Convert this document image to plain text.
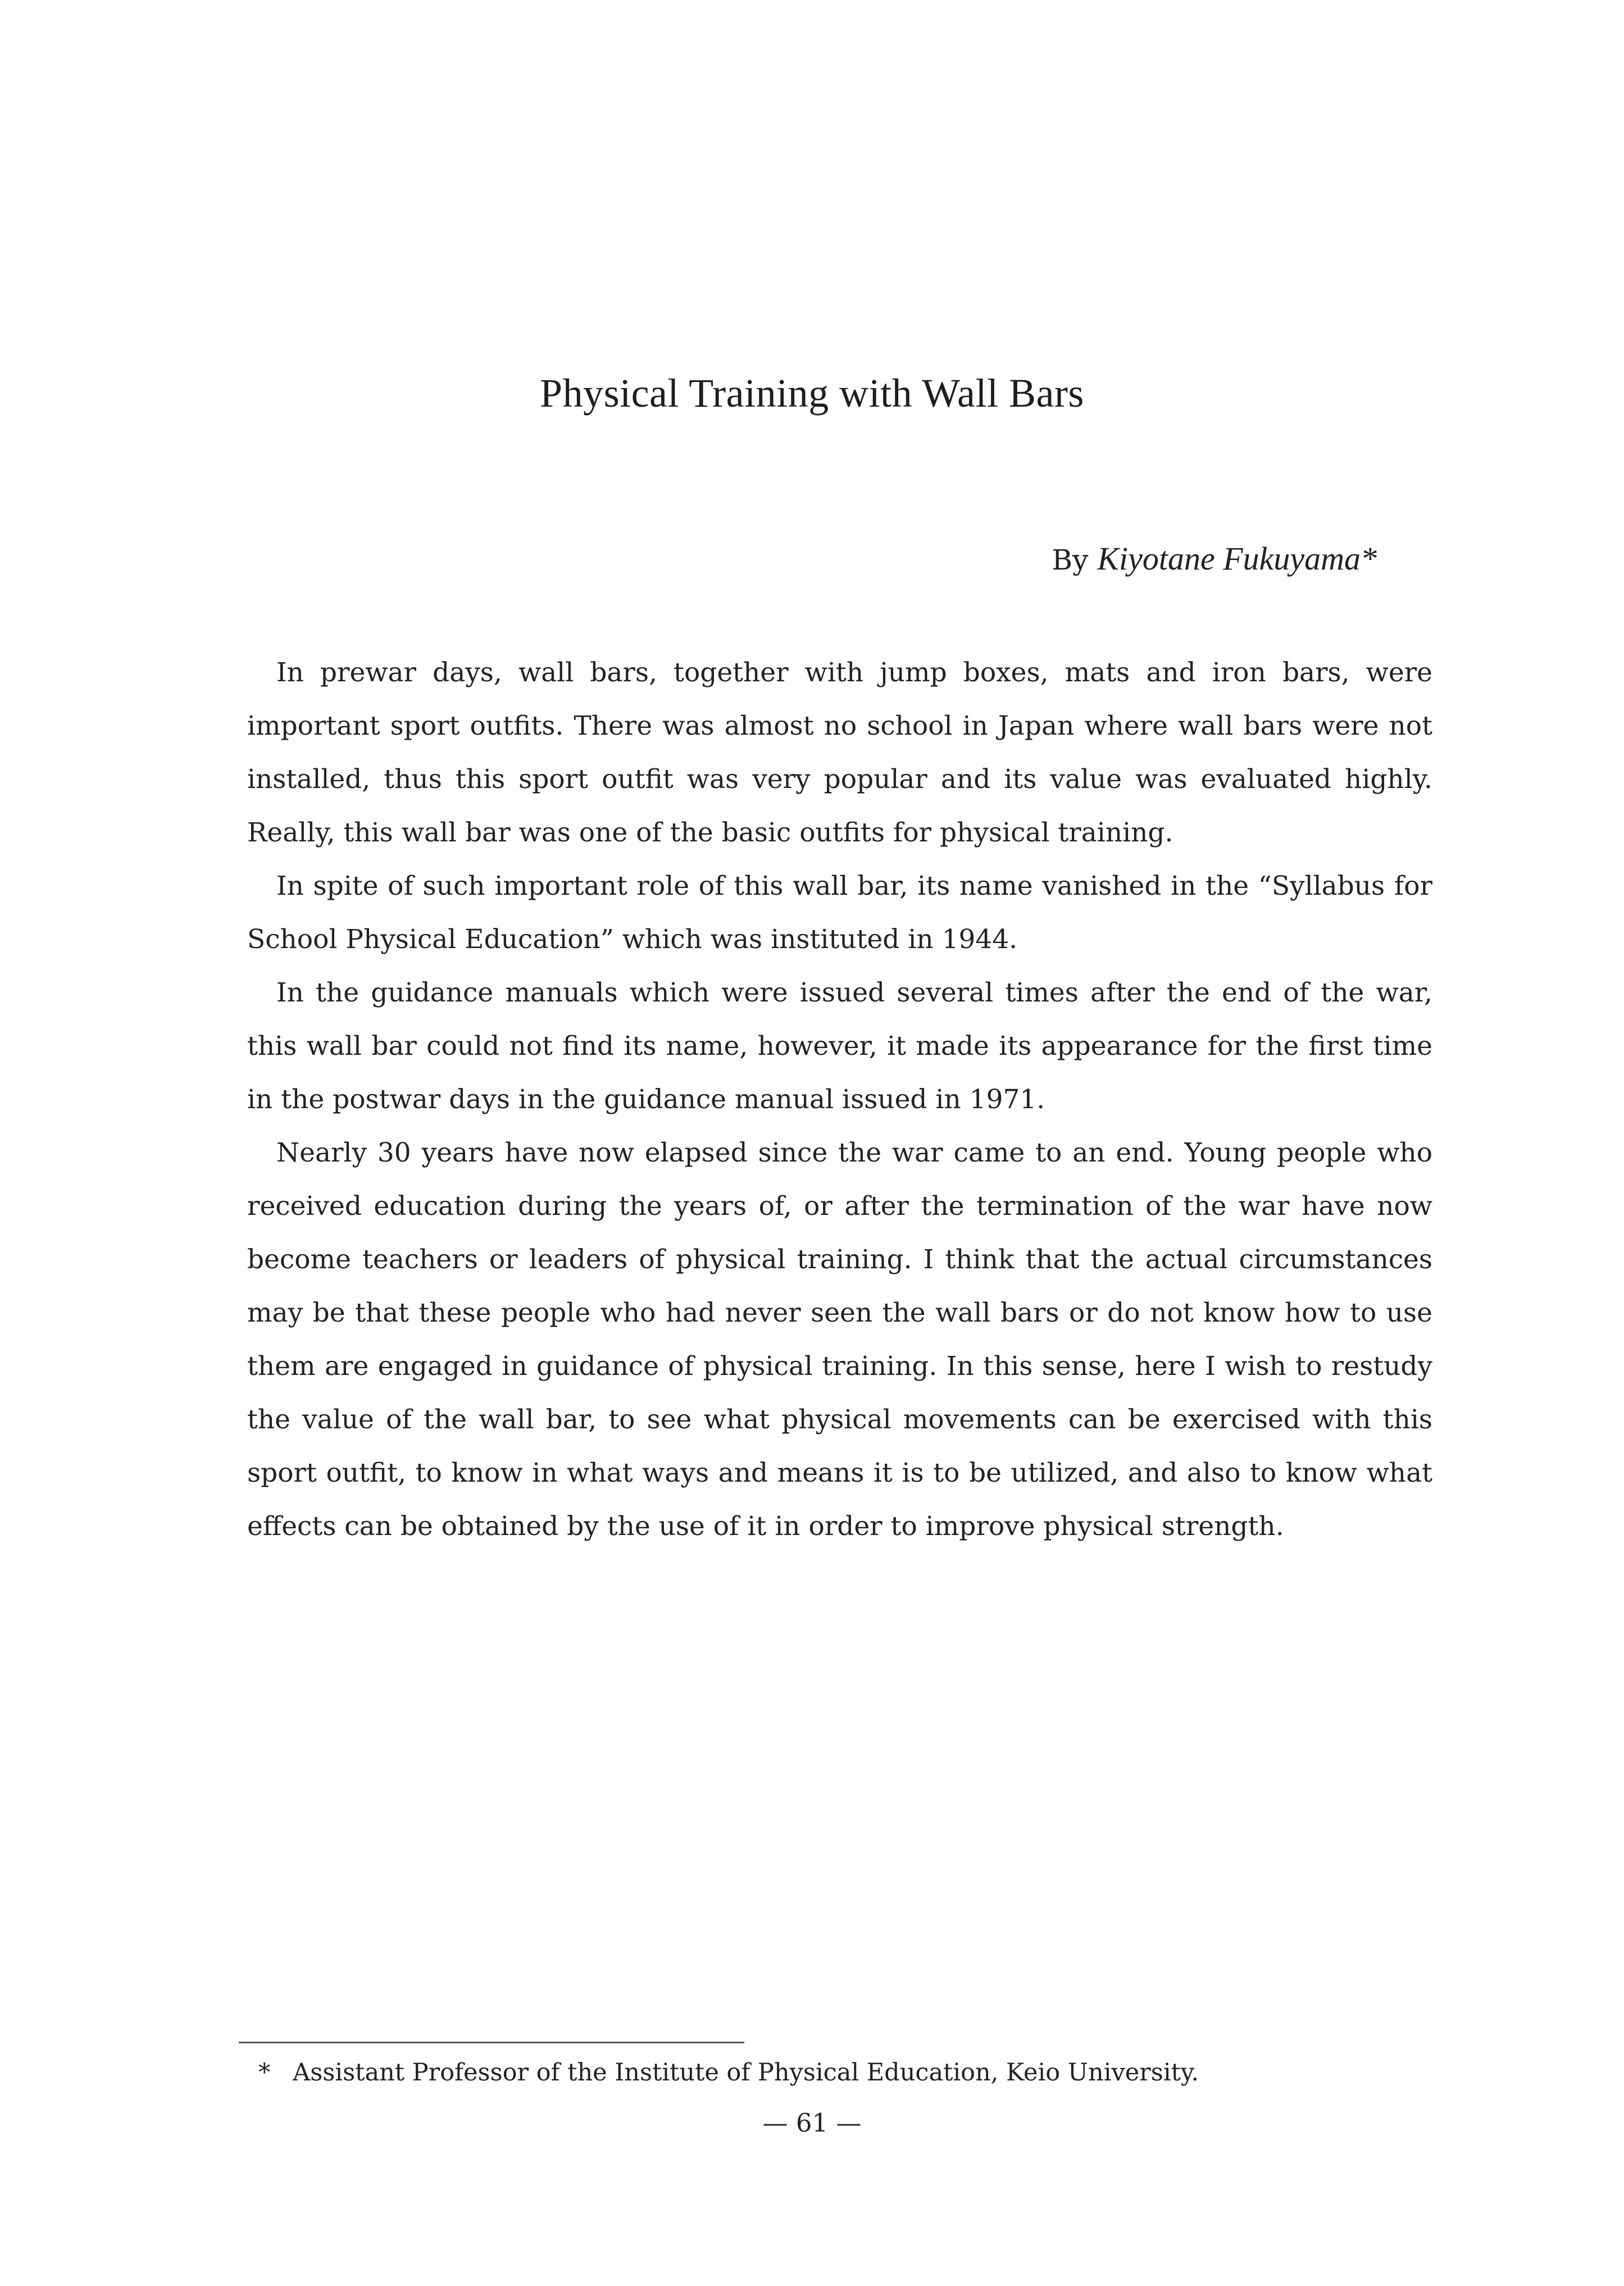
Physical Training with Wall Bars
By Kiyotane Fukuyama*

In prewar days, wall bars, together with jump boxes, mats and iron bars, were important sport outfits. There was almost no school in Japan where wall bars were not installed, thus this sport outfit was very popular and its value was evaluated highly. Really, this wall bar was one of the basic outfits for physical training.

In spite of such important role of this wall bar, its name vanished in the “Syllabus for School Physical Education” which was instituted in 1944.

In the guidance manuals which were issued several times after the end of the war, this wall bar could not find its name, however, it made its appearance for the first time in the postwar days in the guidance manual issued in 1971.

Nearly 30 years have now elapsed since the war came to an end. Young people who received education during the years of, or after the termination of the war have now become teachers or leaders of physical training. I think that the actual circumstances may be that these people who had never seen the wall bars or do not know how to use them are engaged in guidance of physical training. In this sense, here I wish to restudy the value of the wall bar, to see what physical movements can be exercised with this sport outfit, to know in what ways and means it is to be utilized, and also to know what effects can be obtained by the use of it in order to improve physical strength.

* Assistant Professor of the Institute of Physical Education, Keio University.
— 61 —
